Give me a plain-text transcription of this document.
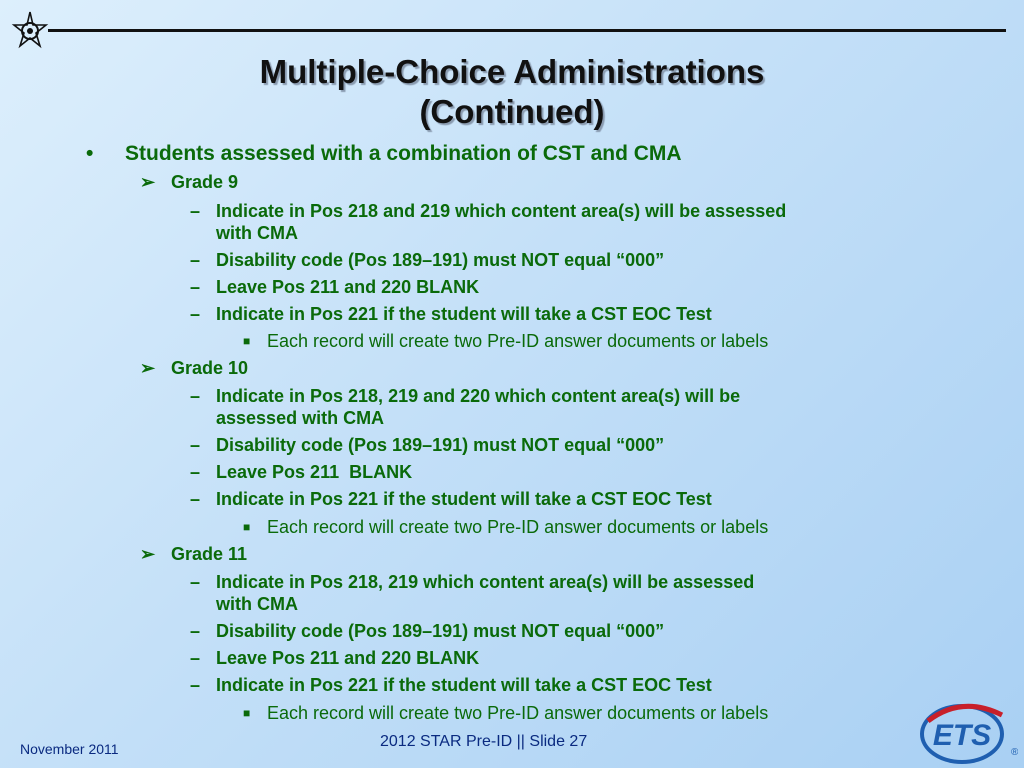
Multiple-Choice Administrations
(Continued)
• Students assessed with a combination of CST and CMA
➢ Grade 9
– Indicate in Pos 218 and 219 which content area(s) will be assessed
with CMA
– Disability code (Pos 189–191) must NOT equal “000”
– Leave Pos 211 and 220 BLANK
– Indicate in Pos 221 if the student will take a CST EOC Test
■ Each record will create two Pre-ID answer documents or labels
➢ Grade 10
– Indicate in Pos 218, 219 and 220 which content area(s) will be
assessed with CMA
– Disability code (Pos 189–191) must NOT equal “000”
– Leave Pos 211  BLANK
– Indicate in Pos 221 if the student will take a CST EOC Test
■ Each record will create two Pre-ID answer documents or labels
➢ Grade 11
– Indicate in Pos 218, 219 which content area(s) will be assessed
with CMA
– Disability code (Pos 189–191) must NOT equal “000”
– Leave Pos 211 and 220 BLANK
– Indicate in Pos 221 if the student will take a CST EOC Test
■ Each record will create two Pre-ID answer documents or labels
November 2011	2012 STAR Pre-ID || Slide 27	ETS
®
